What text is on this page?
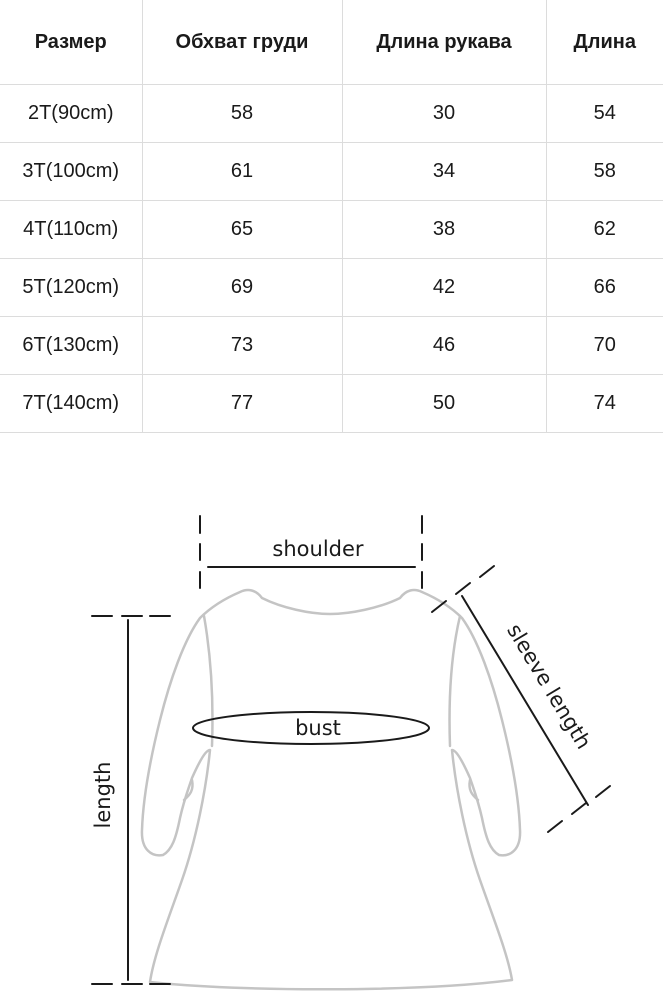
Размер	Обхват груди	Длина рукава	Длина
2T(90cm)	58	30	54
3T(100cm)	61	34	58
4T(110cm)	65	38	62
5T(120cm)	69	42	66
6T(130cm)	73	46	70
7T(140cm)	77	50	74
shoulder
bust
length
sleeve length
